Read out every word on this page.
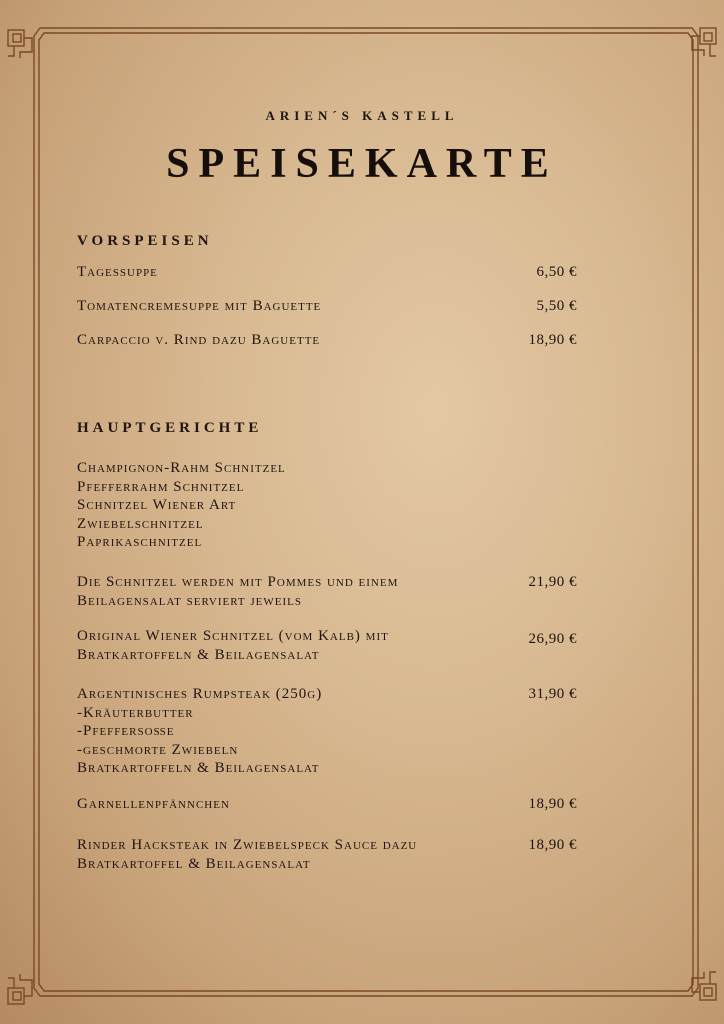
ARIEN´S KASTELL
SPEISEKARTE
VORSPEISEN
Tagessuppe	6,50 €
Tomatencremesuppe mit Baguette	5,50 €
Carpaccio v. Rind dazu Baguette	18,90 €
HAUPTGERICHTE
Champignon-Rahm Schnitzel
Pfefferrahm Schnitzel
Schnitzel Wiener Art
Zwiebelschnitzel
Paprikaschnitzel
Die Schnitzel werden mit Pommes und einem
Beilagensalat serviert jeweils
21,90 €
Original Wiener Schnitzel (vom Kalb) mit
Bratkartoffeln & Beilagensalat
26,90 €
Argentinisches Rumpsteak (250g)
-Kräuterbutter
-Pfeffersoße
-geschmorte Zwiebeln
Bratkartoffeln & Beilagensalat
31,90 €
Garnellenpfännchen	18,90 €
Rinder Hacksteak in Zwiebelspeck Sauce dazu
Bratkartoffel & Beilagensalat
18,90 €
